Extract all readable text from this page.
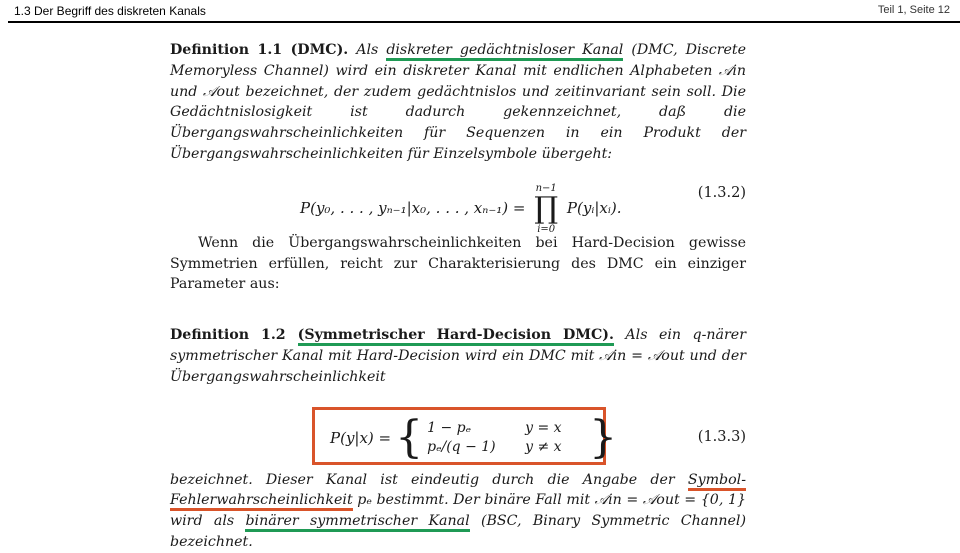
1.3 Der Begriff des diskreten Kanals	Teil 1, Seite 12

Definition 1.1 (DMC). Als diskreter gedächtnisloser Kanal (DMC, Discrete Memoryless Channel) wird ein diskreter Kanal mit endlichen Alphabeten 𝒜in und 𝒜out bezeichnet, der zudem gedächtnislos und zeitinvariant sein soll. Die Gedächtnislosigkeit ist dadurch gekennzeichnet, daß die Übergangswahrscheinlichkeiten für Sequenzen in ein Produkt der Übergangswahrscheinlichkeiten für Einzelsymbole übergeht:

P(y₀, . . . , yₙ₋₁|x₀, . . . , xₙ₋₁) =
n−1
∏
i=0
P(yᵢ|xᵢ).
(1.3.2)

Wenn die Übergangswahrscheinlichkeiten bei Hard-Decision gewisse Symmetrien erfüllen, reicht zur Charakterisierung des DMC ein einziger Parameter aus:

Definition 1.2 (Symmetrischer Hard-Decision DMC). Als ein q-närer symmetrischer Kanal mit Hard-Decision wird ein DMC mit 𝒜in = 𝒜out und der Übergangswahrscheinlichkeit

bezeichnet. Dieser Kanal ist eindeutig durch die Angabe der Symbol-Fehlerwahrscheinlichkeit pₑ bestimmt. Der binäre Fall mit 𝒜in = 𝒜out = {0, 1} wird als binärer symmetrischer Kanal (BSC, Binary Symmetric Channel) bezeichnet.

P(y|x) = { 1 − pₑ	y = x
pₑ/(q − 1)	y ≠ x }	(1.3.3)
